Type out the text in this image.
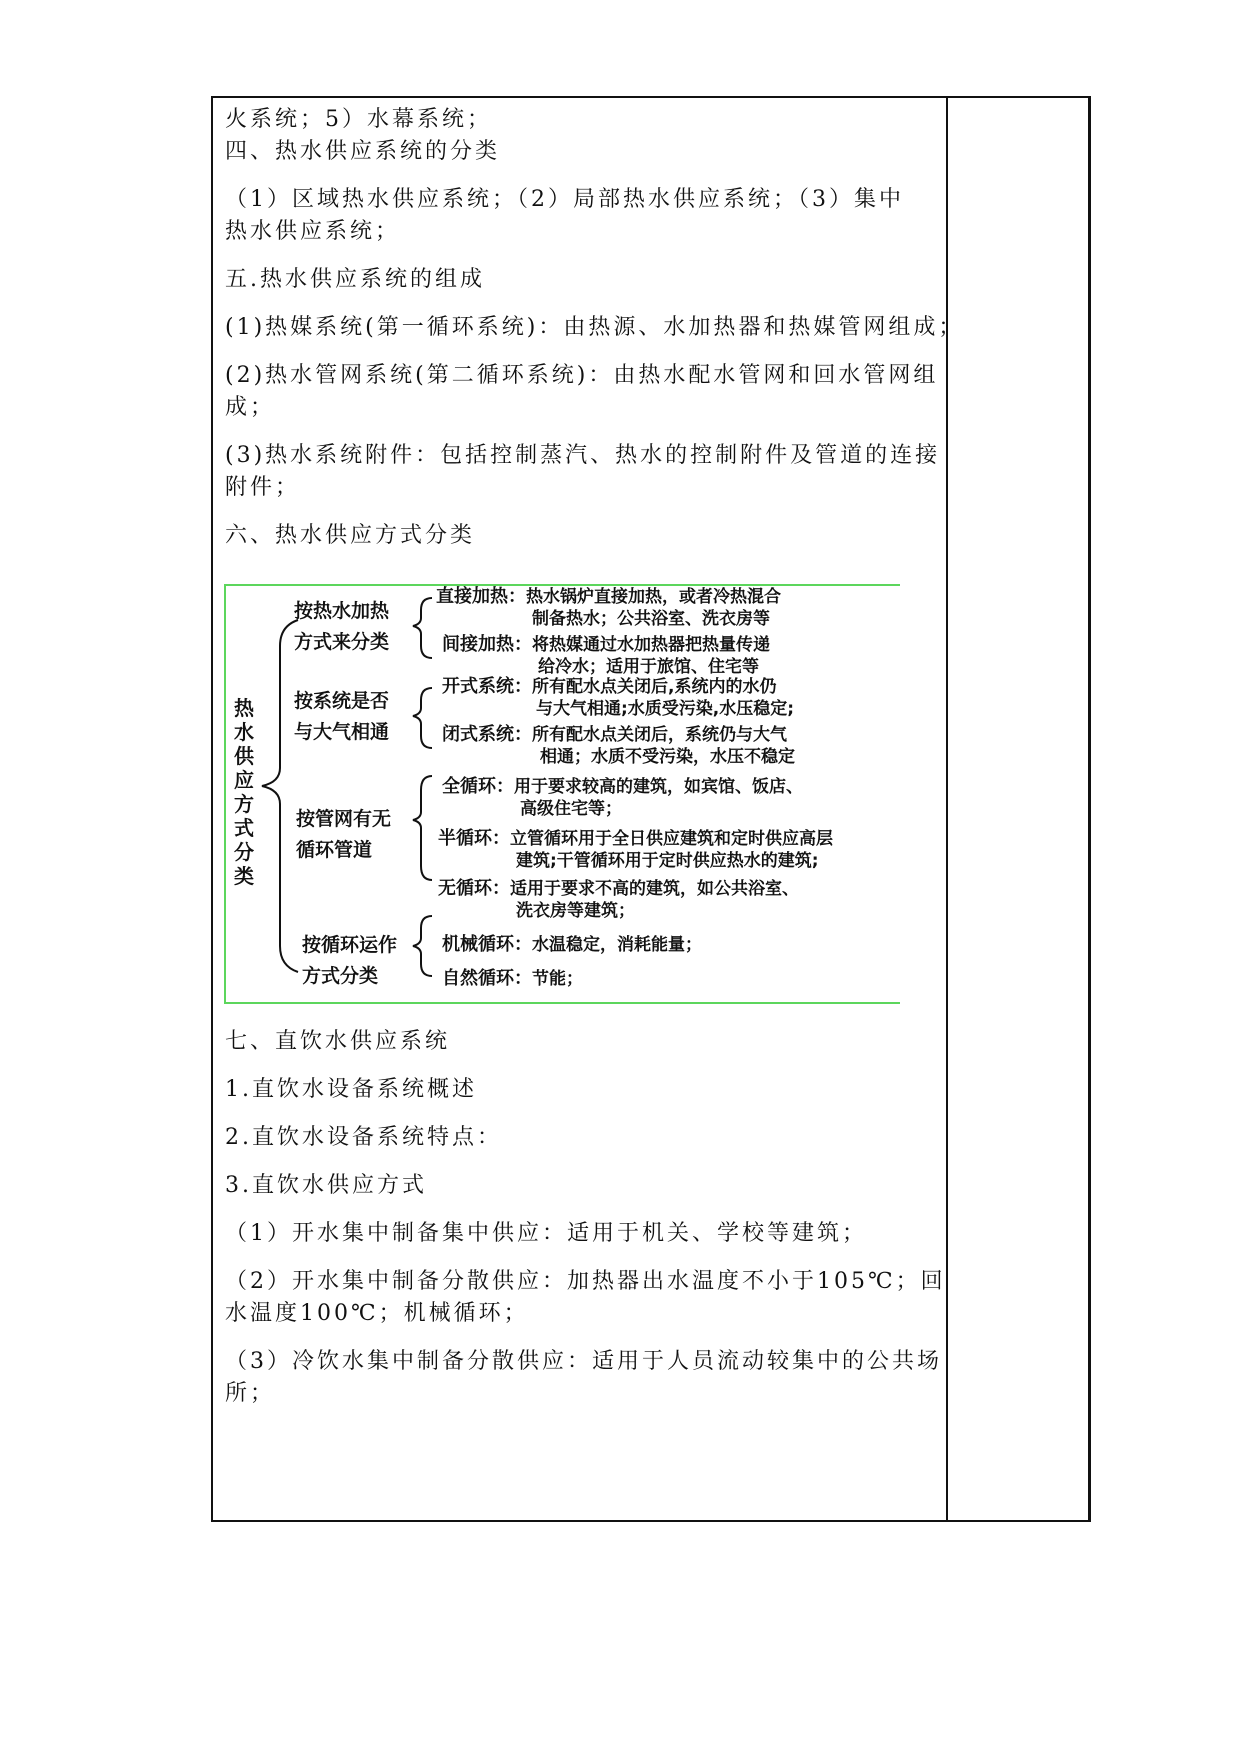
火系统；5）水幕系统；
四、热水供应系统的分类
（1）区域热水供应系统；（2）局部热水供应系统；（3）集中
热水供应系统；
五.热水供应系统的组成
(1)热媒系统(第一循环系统)：由热源、水加热器和热媒管网组成；
(2)热水管网系统(第二循环系统)：由热水配水管网和回水管网组
成；
(3)热水系统附件：包括控制蒸汽、热水的控制附件及管道的连接
附件；
六、热水供应方式分类
热
水
供
应
方
式
分
类
按热水加热
方式来分类
直接加热：热水锅炉直接加热，或者冷热混合
制备热水；公共浴室、洗衣房等
间接加热：将热媒通过水加热器把热量传递
给冷水；适用于旅馆、住宅等
按系统是否
与大气相通
开式系统：所有配水点关闭后,系统内的水仍
与大气相通;水质受污染,水压稳定;
闭式系统：所有配水点关闭后，系统仍与大气
相通；水质不受污染，水压不稳定
按管网有无
循环管道
全循环：用于要求较高的建筑，如宾馆、饭店、
高级住宅等；
半循环：立管循环用于全日供应建筑和定时供应高层
建筑;干管循环用于定时供应热水的建筑;
无循环：适用于要求不高的建筑，如公共浴室、
洗衣房等建筑；
按循环运作
方式分类
机械循环：水温稳定，消耗能量；
自然循环：节能；
七、直饮水供应系统
1.直饮水设备系统概述
2.直饮水设备系统特点：
3.直饮水供应方式
（1）开水集中制备集中供应：适用于机关、学校等建筑；
（2）开水集中制备分散供应：加热器出水温度不小于105℃；回
水温度100℃；机械循环；
（3）冷饮水集中制备分散供应：适用于人员流动较集中的公共场
所；
